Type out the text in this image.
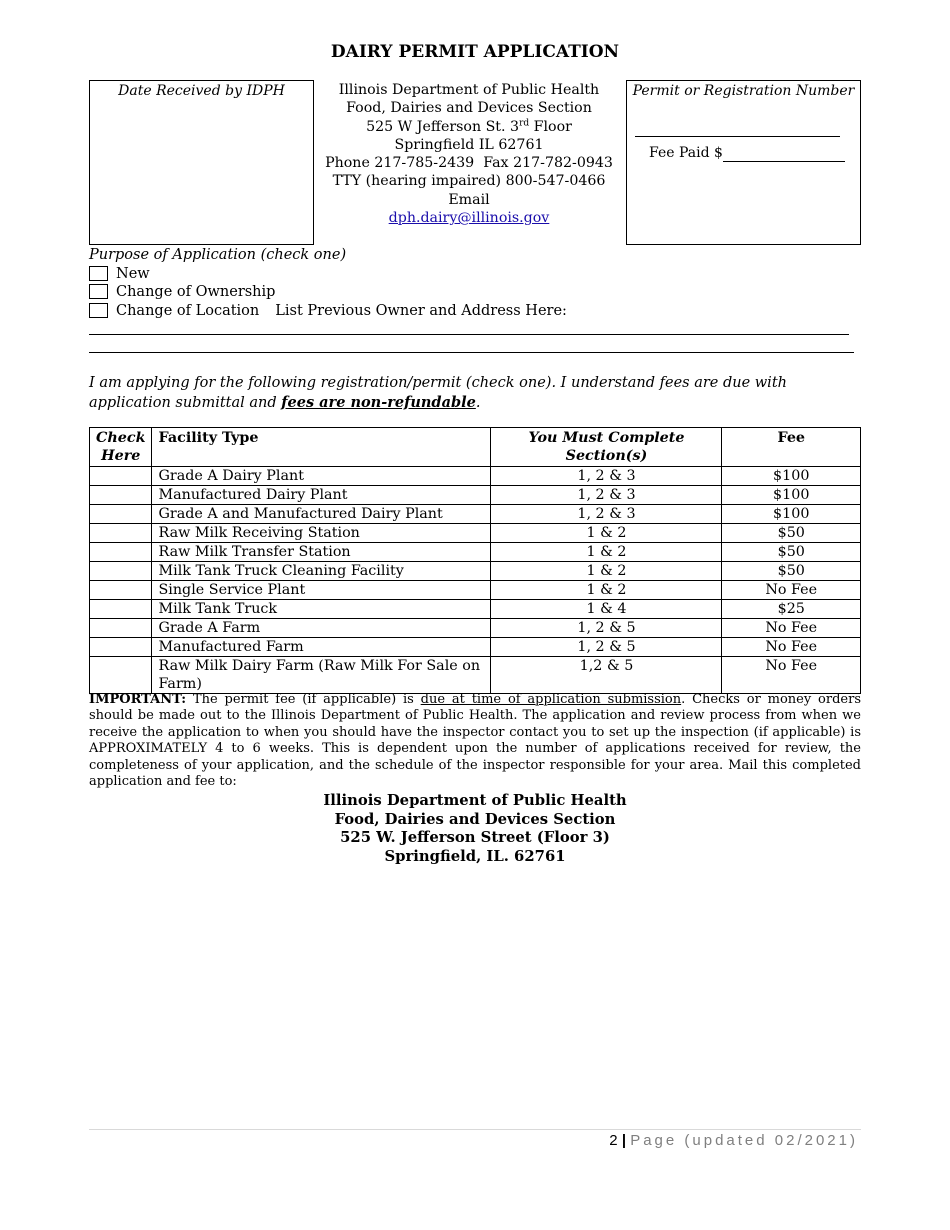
DAIRY PERMIT APPLICATION
Date Received by IDPH	Illinois Department of Public Health
Food, Dairies and Devices Section
525 W Jefferson St. 3rd Floor
Springfield IL 62761
Phone 217-785-2439  Fax 217-782-0943
TTY (hearing impaired) 800-547-0466
Email
dph.dairy@illinois.gov
Permit or Registration Number

Fee Paid $
Purpose of Application (check one)
New
Change of Ownership
Change of Location List Previous Owner and Address Here:
I am applying for the following registration/permit (check one). I understand fees are due with application submittal and fees are non-refundable.
Check Here	Facility Type	You Must Complete Section(s)	Fee
	Grade A Dairy Plant	1, 2 & 3	$100
	Manufactured Dairy Plant	1, 2 & 3	$100
	Grade A and Manufactured Dairy Plant	1, 2 & 3	$100
	Raw Milk Receiving Station	1 & 2	$50
	Raw Milk Transfer Station	1 & 2	$50
	Milk Tank Truck Cleaning Facility	1 & 2	$50
	Single Service Plant	1 & 2	No Fee
	Milk Tank Truck	1 & 4	$25
	Grade A Farm	1, 2 & 5	No Fee
	Manufactured Farm	1, 2 & 5	No Fee
	Raw Milk Dairy Farm (Raw Milk For Sale on Farm)	1,2 & 5	No Fee
IMPORTANT: The permit fee (if applicable) is due at time of application submission. Checks or money orders should be made out to the Illinois Department of Public Health. The application and review process from when we receive the application to when you should have the inspector contact you to set up the inspection (if applicable) is APPROXIMATELY 4 to 6 weeks. This is dependent upon the number of applications received for review, the completeness of your application, and the schedule of the inspector responsible for your area. Mail this completed application and fee to:
Illinois Department of Public Health
Food, Dairies and Devices Section
525 W. Jefferson Street (Floor 3)
Springfield, IL. 62761
2 | Page (updated 02/2021)
